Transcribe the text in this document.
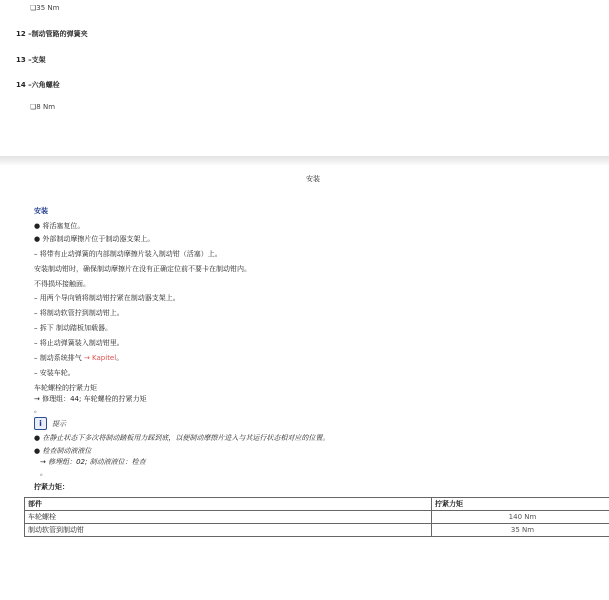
❏35 Nm
12 –制动管路的弹簧夹
13 –支架
14 –六角螺栓
❏8 Nm
安装
安装
● 将活塞复位。
● 外部制动摩擦片位于制动器支架上。
– 将带有止动弹簧的内部制动摩擦片装入制动钳（活塞）上。
安装制动钳时，确保制动摩擦片在没有正确定位前不要卡在制动钳内。
不得损坏接触面。
– 用两个导向销将制动钳拧紧在制动器支架上。
– 将制动软管拧到制动钳上。
– 拆下 制动踏板加载器。
– 将止动弹簧装入制动钳里。
– 制动系统排气 → Kapitel。
– 安装车轮。
车轮螺栓的拧紧力矩
→ 修理组：44; 车轮螺栓的拧紧力矩
。
i	提示
● 在静止状态下多次将制动踏板用力踩到底，以便制动摩擦片进入与其运行状态相对应的位置。
● 检查制动液液位
→ 修理组：02; 制动液液位：检查
。
拧紧力矩：
部件	拧紧力矩
车轮螺栓	140 Nm
制动软管到制动钳	35 Nm
